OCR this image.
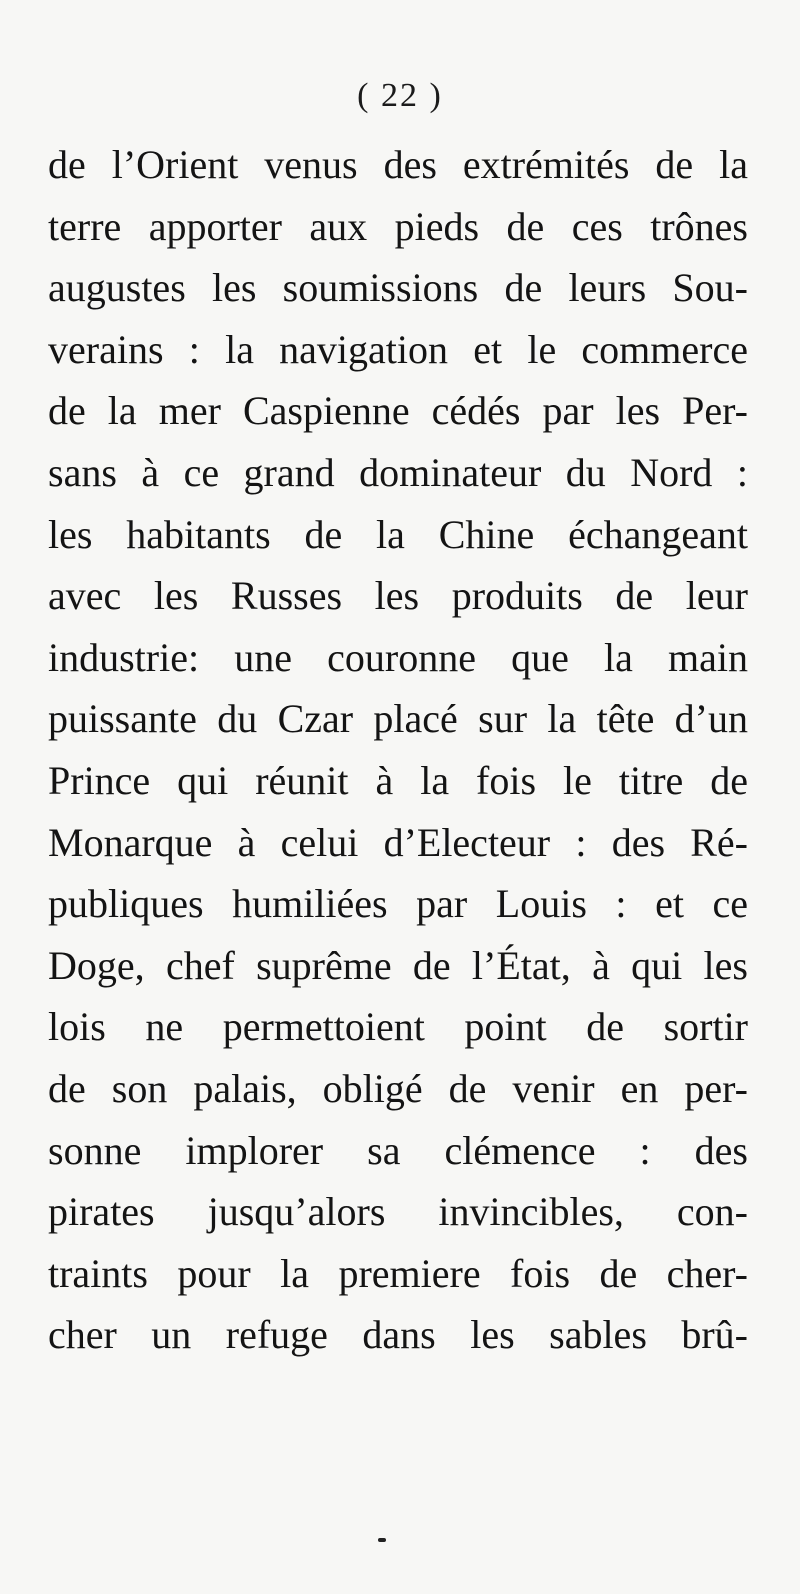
( 22 )
de l’Orient venus des extrémités de la
terre apporter aux pieds de ces trônes
augustes les soumissions de leurs Sou-
verains : la navigation et le commerce
de la mer Caspienne cédés par les Per-
sans à ce grand dominateur du Nord :
les habitants de la Chine échangeant
avec les Russes les produits de leur
industrie: une couronne que la main
puissante du Czar placé sur la tête d’un
Prince qui réunit à la fois le titre de
Monarque à celui d’Electeur : des Ré-
publiques humiliées par Louis : et ce
Doge, chef suprême de l’État, à qui les
lois ne permettoient point de sortir
de son palais, obligé de venir en per-
sonne implorer sa clémence : des
pirates jusqu’alors invincibles, con-
traints pour la premiere fois de cher-
cher un refuge dans les sables brû-
